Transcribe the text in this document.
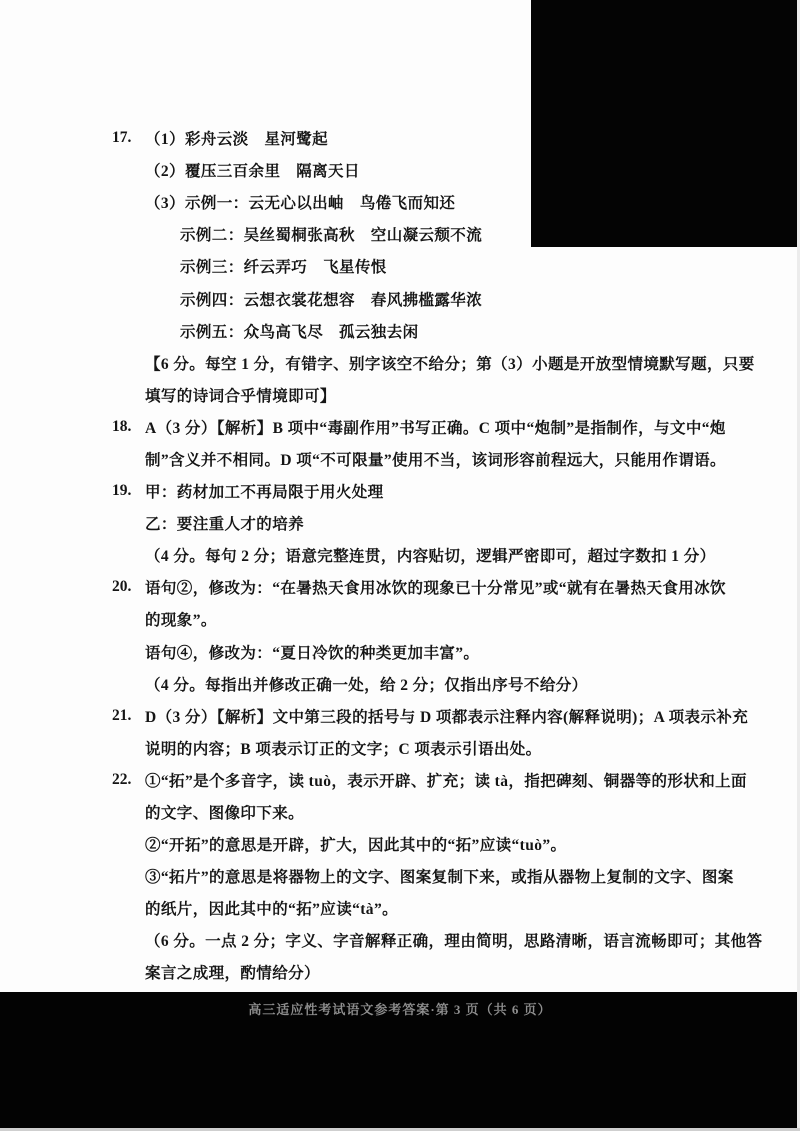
17. （1）彩舟云淡　星河鹭起
（2）覆压三百余里　隔离天日
（3）示例一：云无心以出岫　鸟倦飞而知还
示例二：吴丝蜀桐张高秋　空山凝云颓不流
示例三：纤云弄巧　飞星传恨
示例四：云想衣裳花想容　春风拂槛露华浓
示例五：众鸟高飞尽　孤云独去闲
【6 分。每空 1 分，有错字、别字该空不给分；第（3）小题是开放型情境默写题，只要
填写的诗词合乎情境即可】
18. A（3 分）【解析】B 项中“毒副作用”书写正确。C 项中“炮制”是指制作，与文中“炮
制”含义并不相同。D 项“不可限量”使用不当，该词形容前程远大，只能用作谓语。
19. 甲：药材加工不再局限于用火处理
乙：要注重人才的培养
（4 分。每句 2 分；语意完整连贯，内容贴切，逻辑严密即可，超过字数扣 1 分）
20. 语句②，修改为：“在暑热天食用冰饮的现象已十分常见”或“就有在暑热天食用冰饮
的现象”。
语句④，修改为：“夏日冷饮的种类更加丰富”。
（4 分。每指出并修改正确一处，给 2 分；仅指出序号不给分）
21. D（3 分）【解析】文中第三段的括号与 D 项都表示注释内容(解释说明)；A 项表示补充
说明的内容；B 项表示订正的文字；C 项表示引语出处。
22. ①“拓”是个多音字，读 tuò，表示开辟、扩充；读 tà，指把碑刻、铜器等的形状和上面
的文字、图像印下来。
②“开拓”的意思是开辟，扩大，因此其中的“拓”应读“tuò”。
③“拓片”的意思是将器物上的文字、图案复制下来，或指从器物上复制的文字、图案
的纸片，因此其中的“拓”应读“tà”。
（6 分。一点 2 分；字义、字音解释正确，理由简明，思路清晰，语言流畅即可；其他答
案言之成理，酌情给分）
高三适应性考试语文参考答案·第 3 页（共 6 页）
